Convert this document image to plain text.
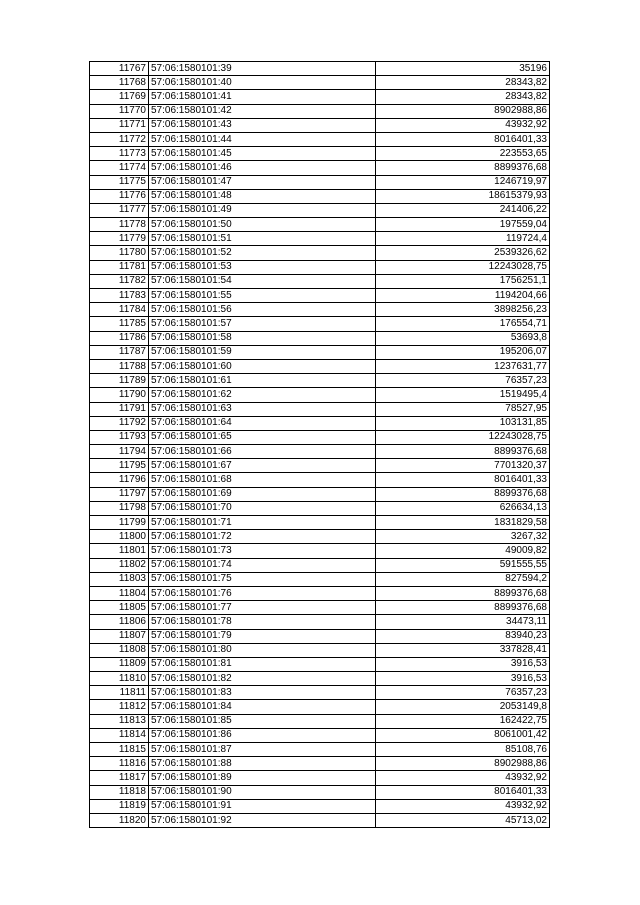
11767	57:06:1580101:39	35196
11768	57:06:1580101:40	28343,82
11769	57:06:1580101:41	28343,82
11770	57:06:1580101:42	8902988,86
11771	57:06:1580101:43	43932,92
11772	57:06:1580101:44	8016401,33
11773	57:06:1580101:45	223553,65
11774	57:06:1580101:46	8899376,68
11775	57:06:1580101:47	1246719,97
11776	57:06:1580101:48	18615379,93
11777	57:06:1580101:49	241406,22
11778	57:06:1580101:50	197559,04
11779	57:06:1580101:51	119724,4
11780	57:06:1580101:52	2539326,62
11781	57:06:1580101:53	12243028,75
11782	57:06:1580101:54	1756251,1
11783	57:06:1580101:55	1194204,66
11784	57:06:1580101:56	3898256,23
11785	57:06:1580101:57	176554,71
11786	57:06:1580101:58	53693,8
11787	57:06:1580101:59	195206,07
11788	57:06:1580101:60	1237631,77
11789	57:06:1580101:61	76357,23
11790	57:06:1580101:62	1519495,4
11791	57:06:1580101:63	78527,95
11792	57:06:1580101:64	103131,85
11793	57:06:1580101:65	12243028,75
11794	57:06:1580101:66	8899376,68
11795	57:06:1580101:67	7701320,37
11796	57:06:1580101:68	8016401,33
11797	57:06:1580101:69	8899376,68
11798	57:06:1580101:70	626634,13
11799	57:06:1580101:71	1831829,58
11800	57:06:1580101:72	3267,32
11801	57:06:1580101:73	49009,82
11802	57:06:1580101:74	591555,55
11803	57:06:1580101:75	827594,2
11804	57:06:1580101:76	8899376,68
11805	57:06:1580101:77	8899376,68
11806	57:06:1580101:78	34473,11
11807	57:06:1580101:79	83940,23
11808	57:06:1580101:80	337828,41
11809	57:06:1580101:81	3916,53
11810	57:06:1580101:82	3916,53
11811	57:06:1580101:83	76357,23
11812	57:06:1580101:84	2053149,8
11813	57:06:1580101:85	162422,75
11814	57:06:1580101:86	8061001,42
11815	57:06:1580101:87	85108,76
11816	57:06:1580101:88	8902988,86
11817	57:06:1580101:89	43932,92
11818	57:06:1580101:90	8016401,33
11819	57:06:1580101:91	43932,92
11820	57:06:1580101:92	45713,02
